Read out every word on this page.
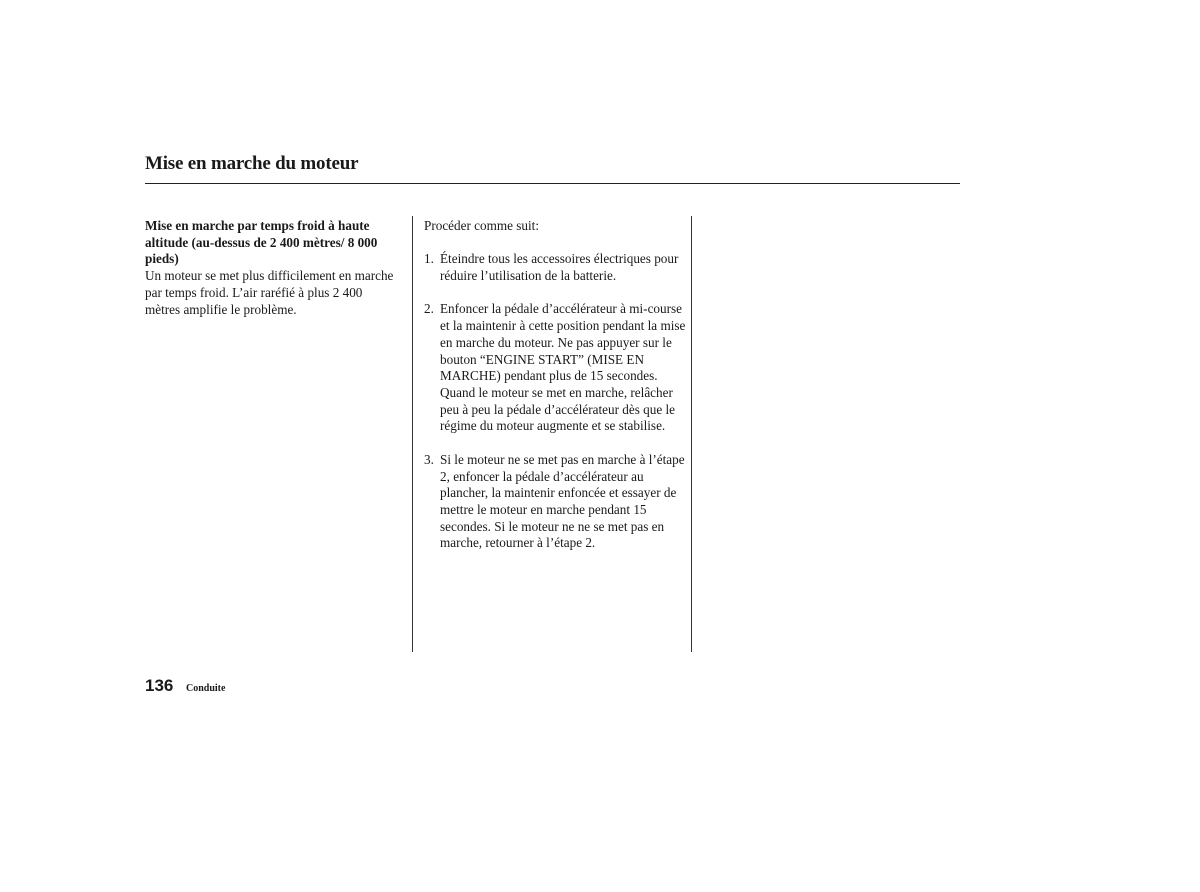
Mise en marche du moteur
Mise en marche par temps froid à haute altitude (au-dessus de 2 400 mètres/ 8 000 pieds)
Un moteur se met plus difficilement en marche par temps froid. L’air raréfié à plus 2 400 mètres amplifie le problème.

Procéder comme suit:

1. Éteindre tous les accessoires électriques pour réduire l’utilisation de la batterie.
2. Enfoncer la pédale d’accélérateur à mi-course et la maintenir à cette position pendant la mise en marche du moteur. Ne pas appuyer sur le bouton “ENGINE START” (MISE EN MARCHE) pendant plus de 15 secondes. Quand le moteur se met en marche, relâcher peu à peu la pédale d’accélérateur dès que le régime du moteur augmente et se stabilise.
3. Si le moteur ne se met pas en marche à l’étape 2, enfoncer la pédale d’accélérateur au plancher, la maintenir enfoncée et essayer de mettre le moteur en marche pendant 15 secondes. Si le moteur ne ne se met pas en marche, retourner à l’étape 2.
136 Conduite
